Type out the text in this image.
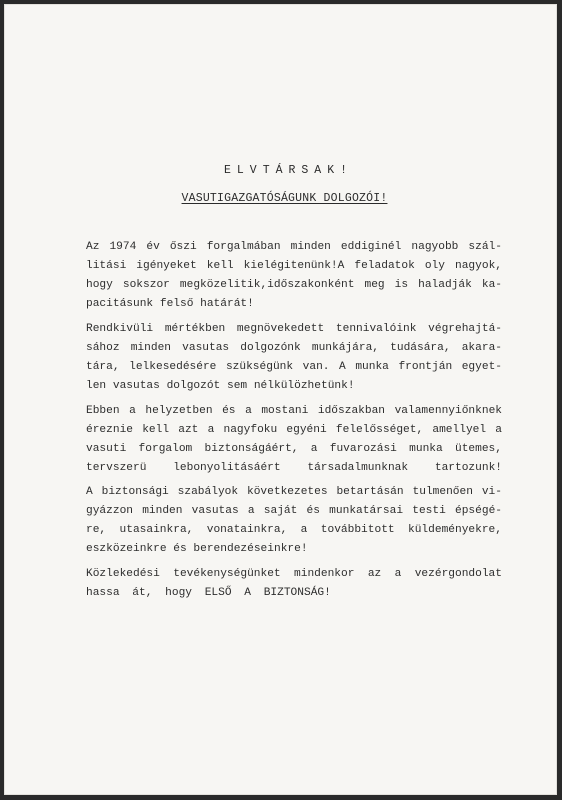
ELVTÁRSAK!
VASUTIGAZGATÓSÁGUNK DOLGOZÓI!

Az 1974 év őszi forgalmában minden eddiginél nagyobb szál-

litási igényeket kell kielégitenünk!A feladatok oly nagyok,

hogy sokszor megközelitik,időszakonként meg is haladják ka-

pacitásunk felső határát!

Rendkivüli mértékben megnövekedett tennivalóink végrehajtá-

sához minden vasutas dolgozónk munkájára, tudására, akara-

tára, lelkesedésére szükségünk van. A munka frontján egyet-

len vasutas dolgozót sem nélkülözhetünk!

Ebben a helyzetben és a mostani időszakban valamennyiőnknek

éreznie kell azt a nagyfoku egyéni felelősséget, amellyel a

vasuti forgalom biztonságáért, a fuvarozási munka ütemes,

tervszerü lebonyolitásáért társadalmunknak tartozunk!

A biztonsági szabályok következetes betartásán tulmenően vi-

gyázzon minden vasutas a saját és munkatársai testi épségé-

re, utasainkra, vonatainkra, a továbbitott küldeményekre,

eszközeinkre és berendezéseinkre!

Közlekedési tevékenységünket mindenkor az a vezérgondolat

hassa át, hogy ELSŐ A BIZTONSÁG!
